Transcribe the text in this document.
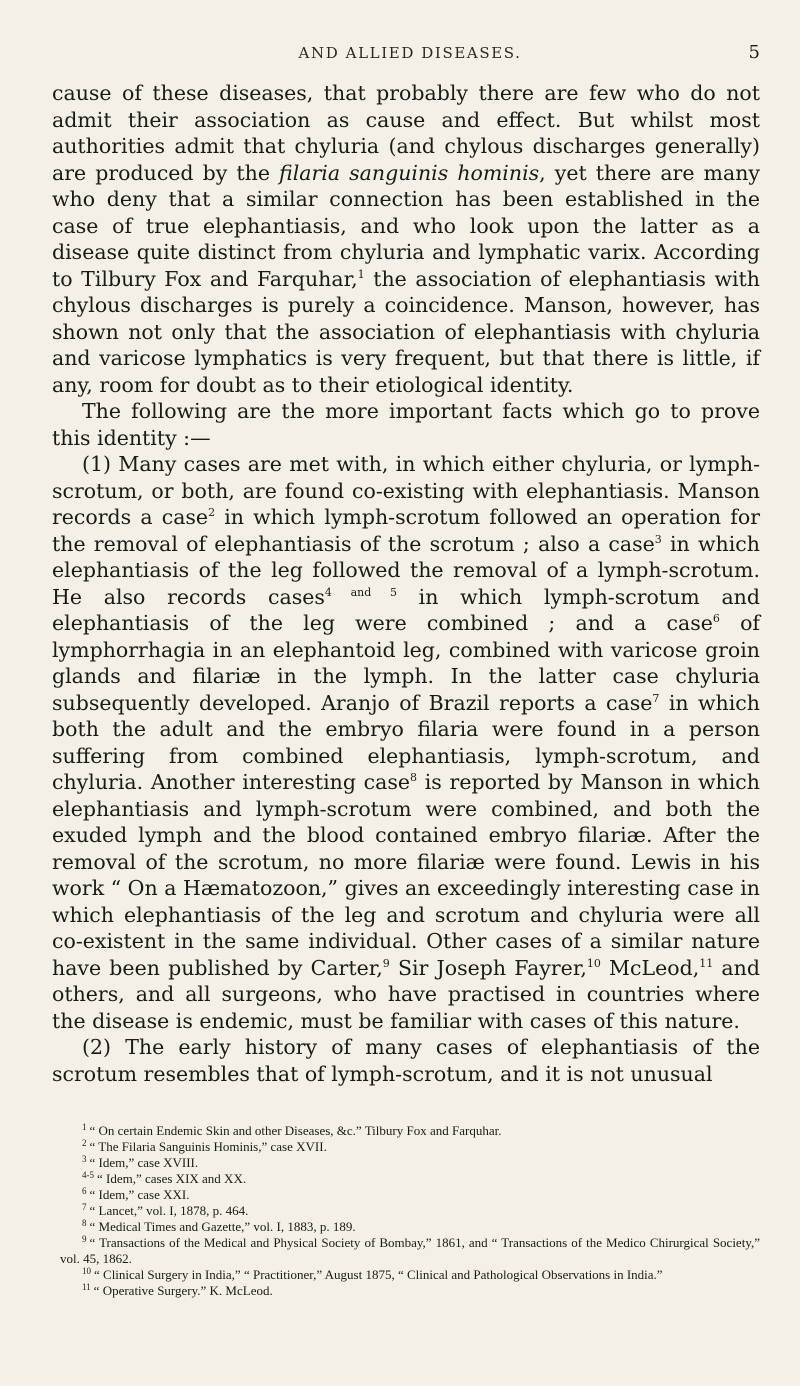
AND ALLIED DISEASES.	5

cause of these diseases, that probably there are few who do not admit their association as cause and effect. But whilst most authorities admit that chyluria (and chylous discharges generally) are produced by the filaria sanguinis hominis, yet there are many who deny that a similar connection has been established in the case of true elephantiasis, and who look upon the latter as a disease quite distinct from chyluria and lymphatic varix. According to Tilbury Fox and Farquhar,$^1$ the association of elephantiasis with chylous discharges is purely a coincidence. Manson, however, has shown not only that the association of elephantiasis with chyluria and varicose lymphatics is very frequent, but that there is little, if any, room for doubt as to their etiological identity.

The following are the more important facts which go to prove this identity :—

(1) Many cases are met with, in which either chyluria, or lymph-scrotum, or both, are found co-existing with elephantiasis. Manson records a case$^2$ in which lymph-scrotum followed an operation for the removal of elephantiasis of the scrotum ; also a case$^3$ in which elephantiasis of the leg followed the removal of a lymph-scrotum. He also records cases$^{4 and 5}$ in which lymph-scrotum and elephantiasis of the leg were combined ; and a case$^6$ of lymphorrhagia in an elephantoid leg, combined with varicose groin glands and filariæ in the lymph. In the latter case chyluria subsequently developed. Aranjo of Brazil reports a case$^7$ in which both the adult and the embryo filaria were found in a person suffering from combined elephantiasis, lymph-scrotum, and chyluria. Another interesting case$^8$ is reported by Manson in which elephantiasis and lymph-scrotum were combined, and both the exuded lymph and the blood contained embryo filariæ. After the removal of the scrotum, no more filariæ were found. Lewis in his work “ On a Hæmatozoon,” gives an exceedingly interesting case in which elephantiasis of the leg and scrotum and chyluria were all co-existent in the same individual. Other cases of a similar nature have been published by Carter,$^9$ Sir Joseph Fayrer,$^{10}$ McLeod,$^{11}$ and others, and all surgeons, who have practised in countries where the disease is endemic, must be familiar with cases of this nature.

(2) The early history of many cases of elephantiasis of the scrotum resembles that of lymph-scrotum, and it is not unusual

$^1$ “ On certain Endemic Skin and other Diseases, &c.” Tilbury Fox and Farquhar.

$^2$ “ The Filaria Sanguinis Hominis,” case XVII.

$^3$ “ Idem,” case XVIII.

$^{4-5}$ “ Idem,” cases XIX and XX.

$^6$ “ Idem,” case XXI.

$^7$ “ Lancet,” vol. I, 1878, p. 464.

$^8$ “ Medical Times and Gazette,” vol. I, 1883, p. 189.

$^9$ “ Transactions of the Medical and Physical Society of Bombay,” 1861, and “ Transactions of the Medico Chirurgical Society,” vol. 45, 1862.

$^{10}$ “ Clinical Surgery in India,” “ Practitioner,” August 1875, “ Clinical and Pathological Observations in India.”

$^{11}$ “ Operative Surgery.” K. McLeod.
